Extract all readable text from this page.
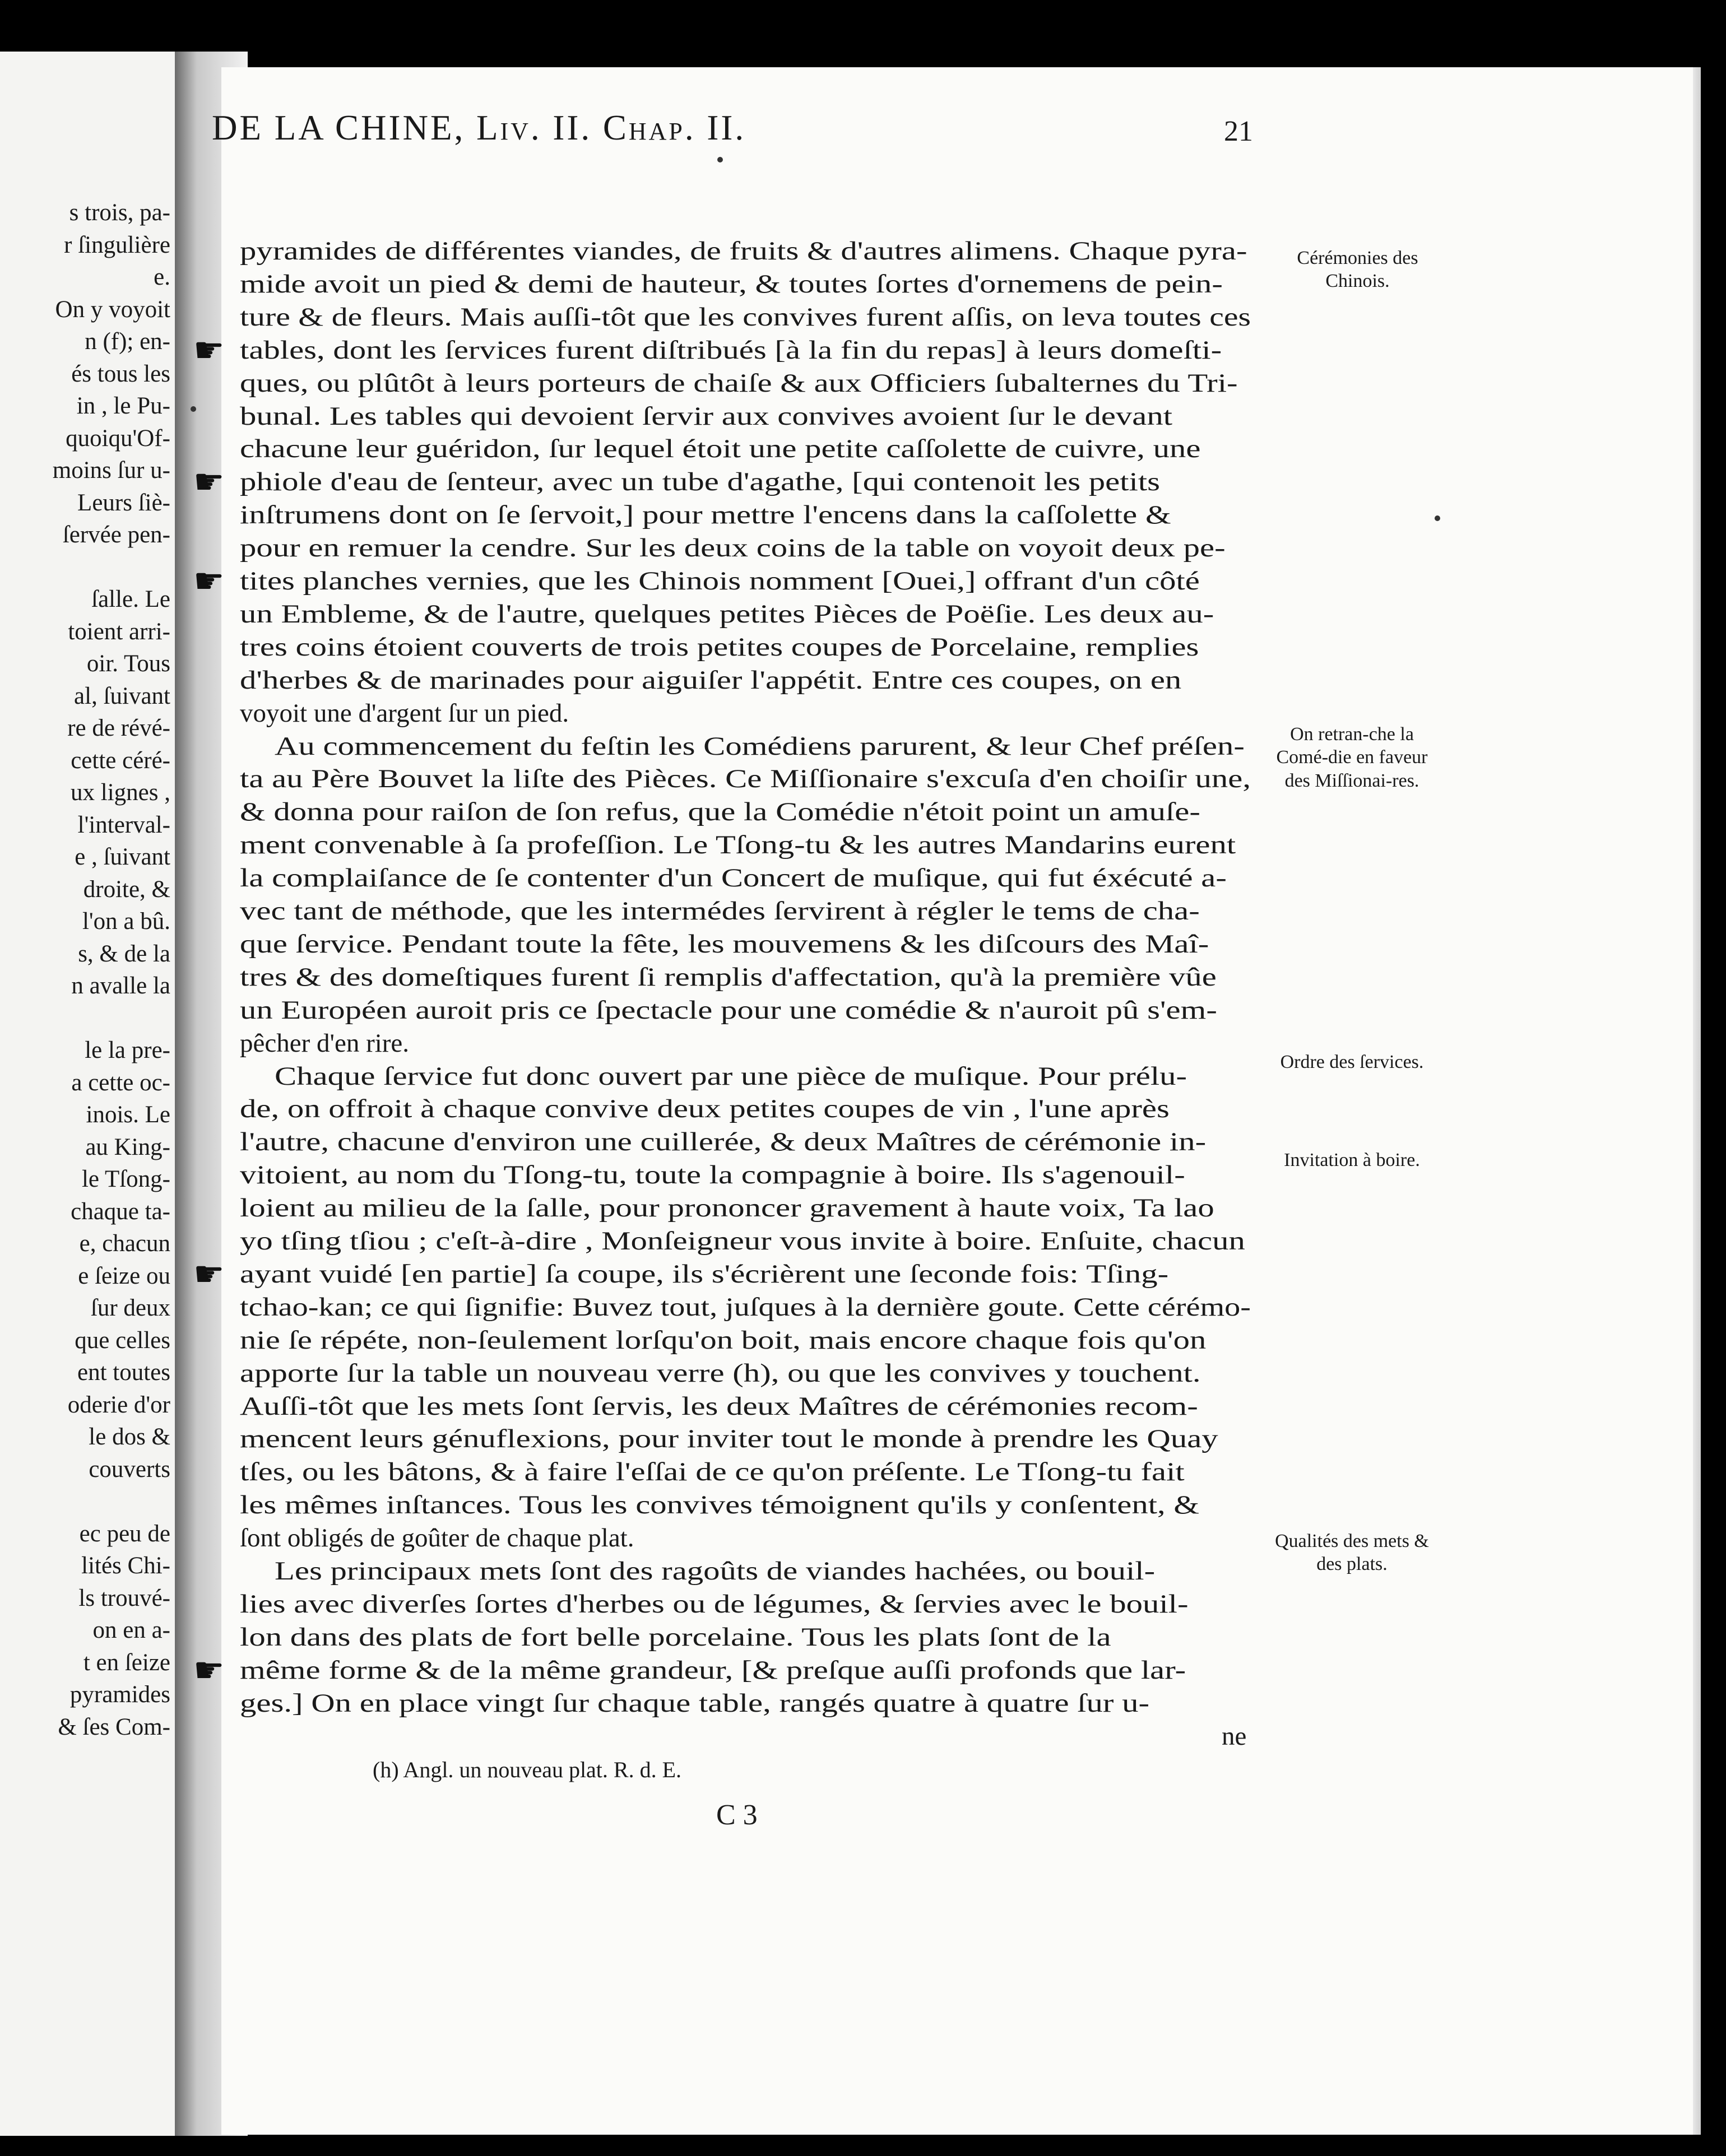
s trois, pa-
r ſingulière
e.
On y voyoit
n (f); en-
és tous les
in , le Pu-
quoiqu'Of-
moins ſur u-
Leurs ſiè-
ſervée pen-
ſalle. Le
toient arri-
oir. Tous
al, ſuivant
re de révé-
cette céré-
ux lignes ,
l'interval-
e , ſuivant
droite, &
l'on a bû.
s, & de la
n avalle la
le la pre-
a cette oc-
inois. Le
au King-
le Tſong-
chaque ta-
e, chacun
e ſeize ou
ſur deux
que celles
ent toutes
oderie d'or
le dos &
couverts
ec peu de
lités Chi-
ls trouvé-
on en a-
t en ſeize
pyramides
& ſes Com-
DE LA CHINE, Liv. II. Chap. II.	21
pyramides de différentes viandes, de fruits & d'autres alimens. Chaque pyra-
mide avoit un pied & demi de hauteur, & toutes ſortes d'ornemens de pein-
ture & de fleurs. Mais auſſi-tôt que les convives furent aſſis, on leva toutes ces
tables, dont les ſervices furent diſtribués [à la fin du repas] à leurs domeſti-
ques, ou plûtôt à leurs porteurs de chaiſe & aux Officiers ſubalternes du Tri-
bunal. Les tables qui devoient ſervir aux convives avoient ſur le devant
chacune leur guéridon, ſur lequel étoit une petite caſſolette de cuivre, une
phiole d'eau de ſenteur, avec un tube d'agathe, [qui contenoit les petits
inſtrumens dont on ſe ſervoit,] pour mettre l'encens dans la caſſolette &
pour en remuer la cendre. Sur les deux coins de la table on voyoit deux pe-
tites planches vernies, que les Chinois nomment [Ouei,] offrant d'un côté
un Embleme, & de l'autre, quelques petites Pièces de Poëſie. Les deux au-
tres coins étoient couverts de trois petites coupes de Porcelaine, remplies
d'herbes & de marinades pour aiguiſer l'appétit. Entre ces coupes, on en
voyoit une d'argent ſur un pied.
Au commencement du feſtin les Comédiens parurent, & leur Chef préſen-
ta au Père Bouvet la liſte des Pièces. Ce Miſſionaire s'excuſa d'en choiſir une,
& donna pour raiſon de ſon refus, que la Comédie n'étoit point un amuſe-
ment convenable à ſa profeſſion. Le Tſong-tu & les autres Mandarins eurent
la complaiſance de ſe contenter d'un Concert de muſique, qui fut éxécuté a-
vec tant de méthode, que les intermédes ſervirent à régler le tems de cha-
que ſervice. Pendant toute la fête, les mouvemens & les diſcours des Maî-
tres & des domeſtiques furent ſi remplis d'affectation, qu'à la première vûe
un Européen auroit pris ce ſpectacle pour une comédie & n'auroit pû s'em-
pêcher d'en rire.
Chaque ſervice fut donc ouvert par une pièce de muſique. Pour prélu-
de, on offroit à chaque convive deux petites coupes de vin , l'une après
l'autre, chacune d'environ une cuillerée, & deux Maîtres de cérémonie in-
vitoient, au nom du Tſong-tu, toute la compagnie à boire. Ils s'agenouil-
loient au milieu de la ſalle, pour prononcer gravement à haute voix, Ta lao
yo tſing tſiou ; c'eſt-à-dire , Monſeigneur vous invite à boire. Enſuite, chacun
ayant vuidé [en partie] ſa coupe, ils s'écrièrent une ſeconde fois: Tſing-
tchao-kan; ce qui ſignifie: Buvez tout, juſques à la dernière goute. Cette cérémo-
nie ſe répéte, non-ſeulement lorſqu'on boit, mais encore chaque fois qu'on
apporte ſur la table un nouveau verre (h), ou que les convives y touchent.
Auſſi-tôt que les mets ſont ſervis, les deux Maîtres de cérémonies recom-
mencent leurs génuflexions, pour inviter tout le monde à prendre les Quay
tſes, ou les bâtons, & à faire l'eſſai de ce qu'on préſente. Le Tſong-tu fait
les mêmes inſtances. Tous les convives témoignent qu'ils y conſentent, &
ſont obligés de goûter de chaque plat.
Les principaux mets ſont des ragoûts de viandes hachées, ou bouil-
lies avec diverſes ſortes d'herbes ou de légumes, & ſervies avec le bouil-
lon dans des plats de fort belle porcelaine. Tous les plats ſont de la
même forme & de la même grandeur, [& preſque auſſi profonds que lar-
ges.] On en place vingt ſur chaque table, rangés quatre à quatre ſur u-
ne
Cérémonies des Chinois.
On retran-che la Comé-die en faveur des Miſſionai-res.
Ordre des ſervices.
Invitation à boire.
Qualités des mets & des plats.
☛
☛
☛
☛
☛
(h) Angl. un nouveau plat. R. d. E.
C 3
